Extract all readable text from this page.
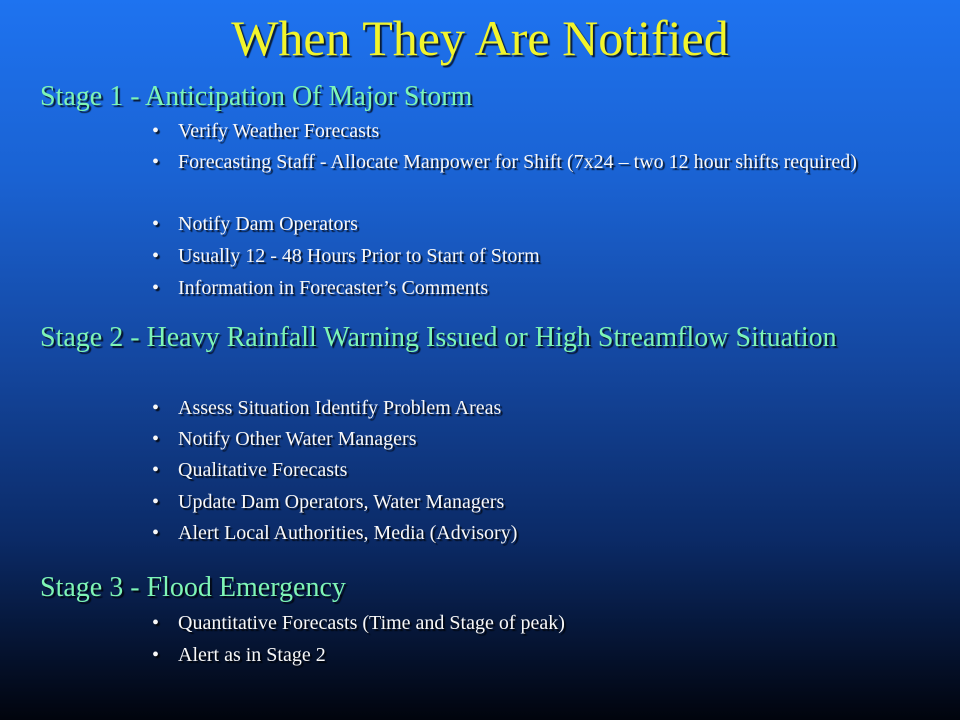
When They Are Notified
Stage 1 - Anticipation Of Major Storm
• Verify Weather Forecasts
• Forecasting Staff - Allocate Manpower for Shift (7x24 – two 12 hour shifts required)
• Notify Dam Operators
• Usually 12 - 48 Hours Prior to Start of Storm
• Information in Forecaster’s Comments
Stage 2 - Heavy Rainfall Warning Issued or High Streamflow Situation
• Assess Situation Identify Problem Areas
• Notify Other Water Managers
• Qualitative Forecasts
• Update Dam Operators, Water Managers
• Alert Local Authorities, Media (Advisory)
Stage 3 - Flood Emergency
• Quantitative Forecasts (Time and Stage of peak)
• Alert as in Stage 2
